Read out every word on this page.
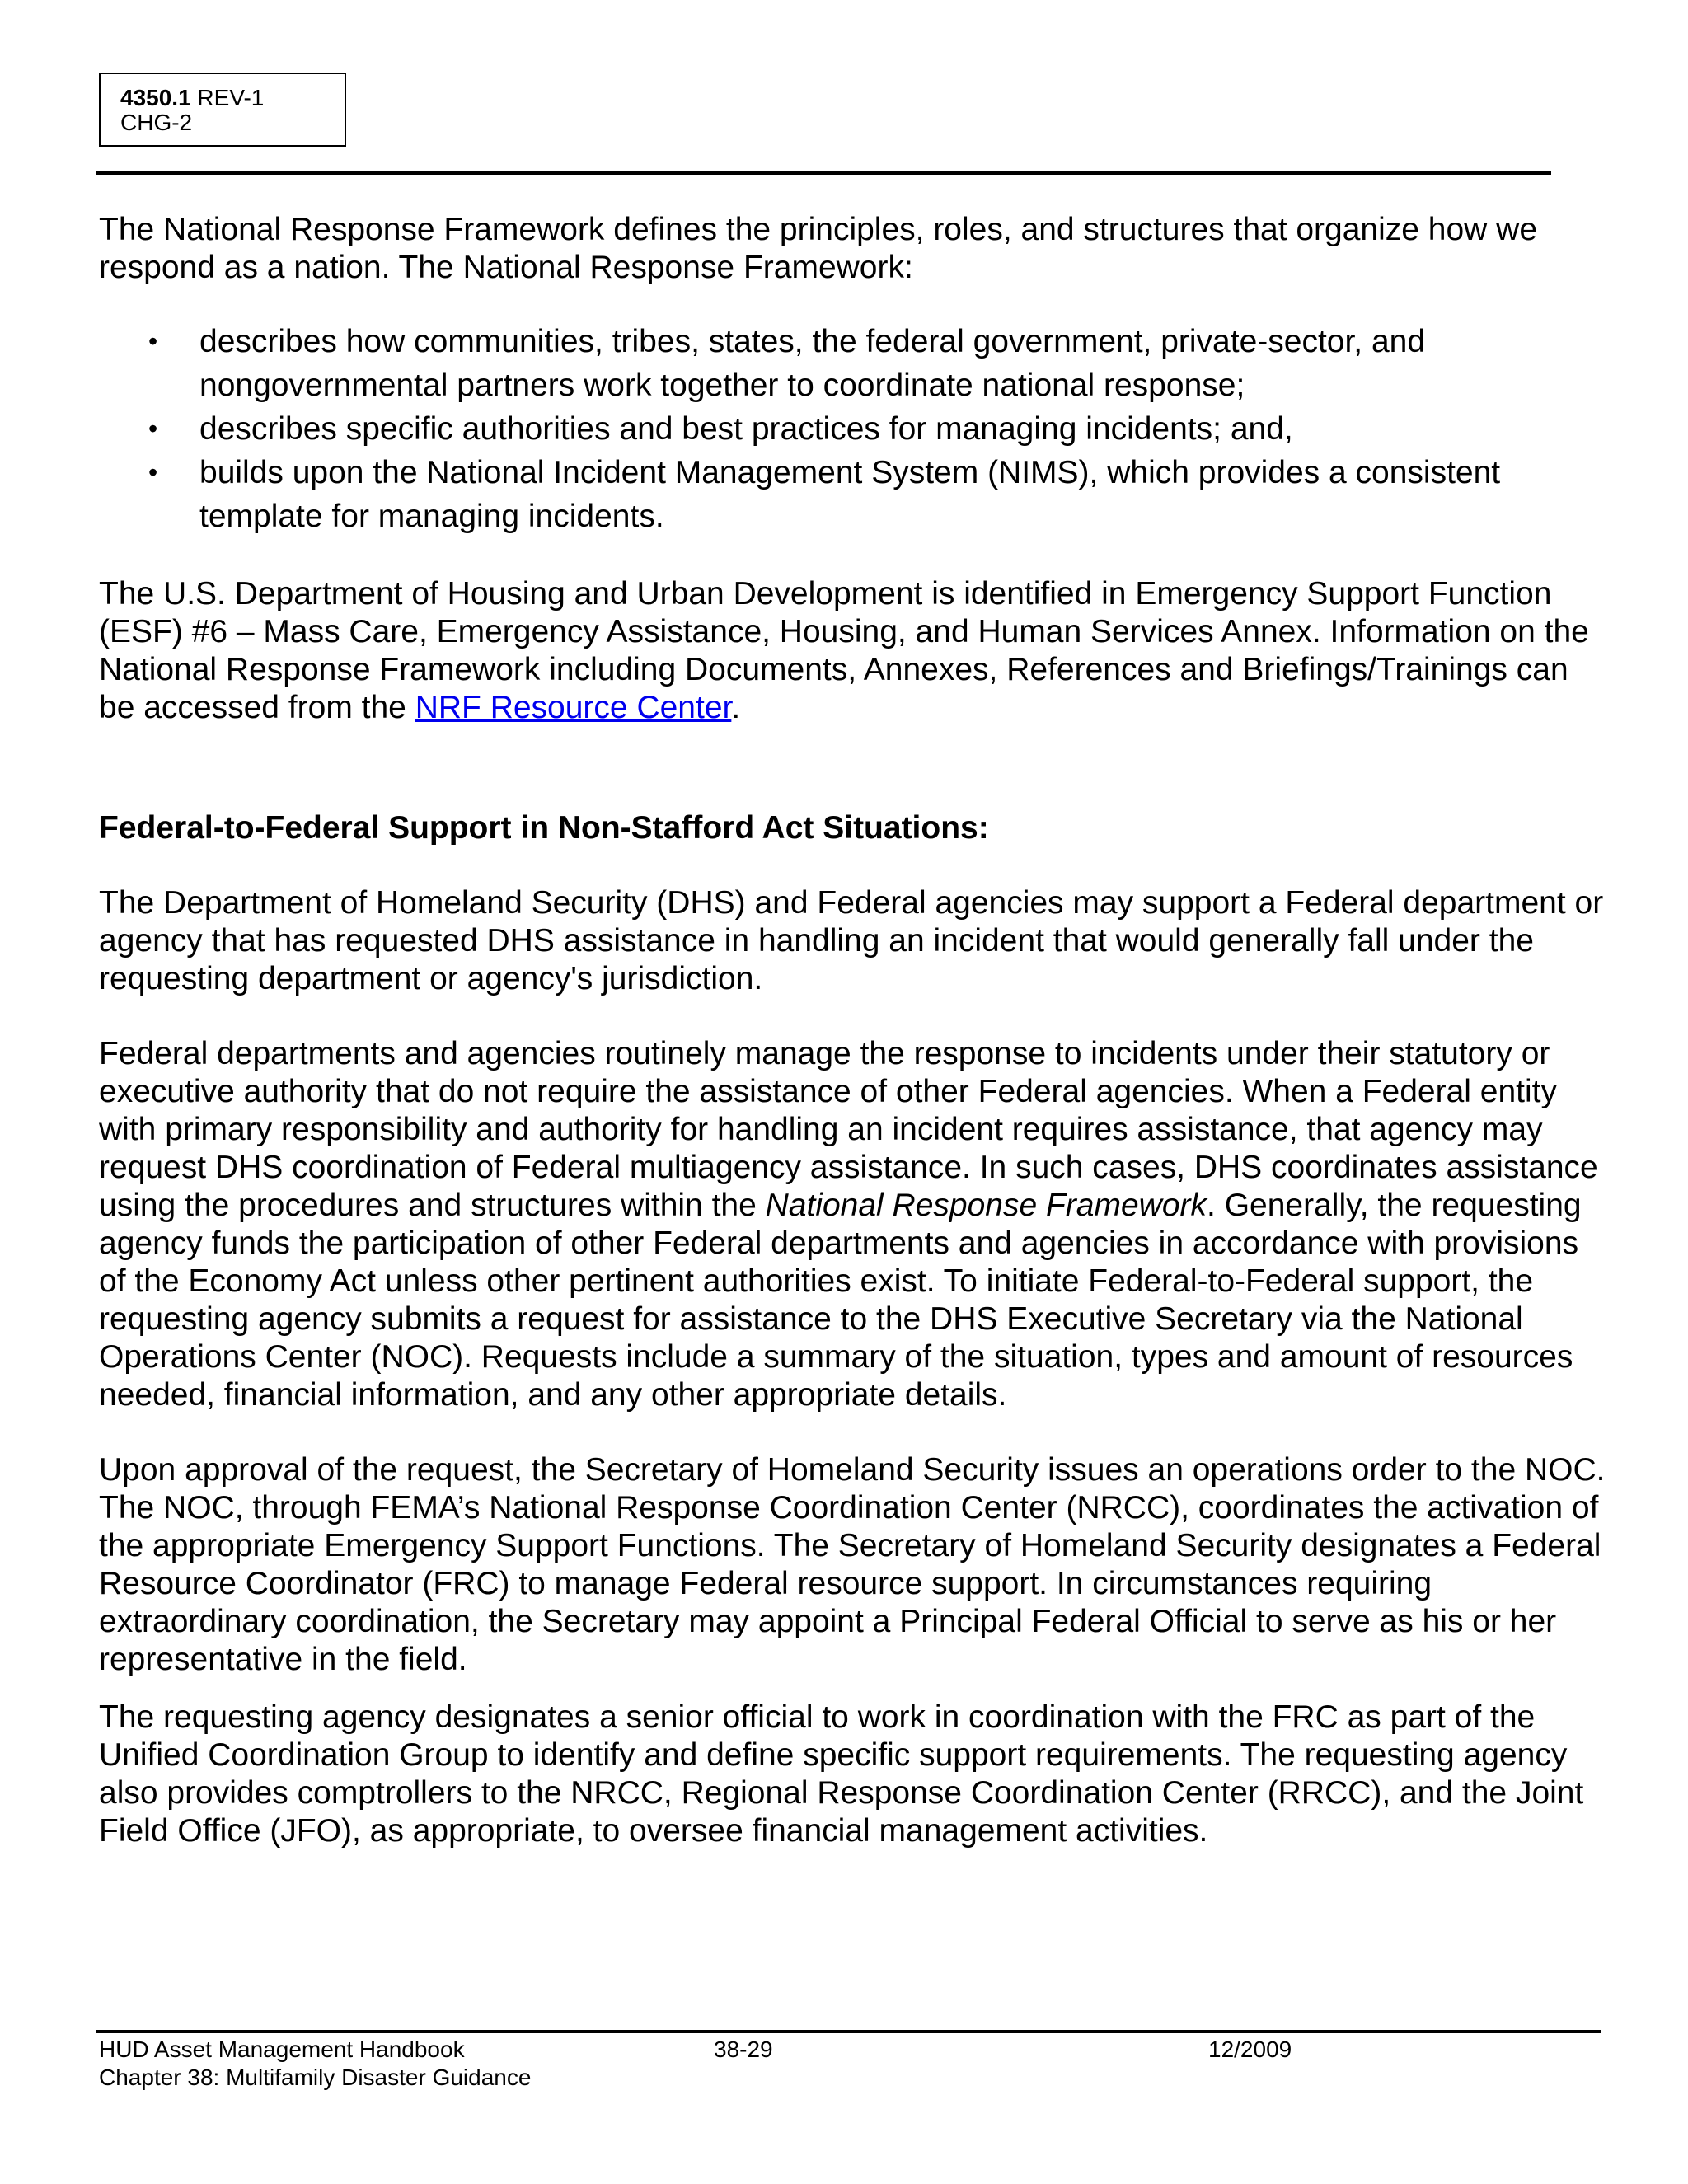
4350.1 REV-1
CHG-2

The National Response Framework defines the principles, roles, and structures that organize how we respond as a nation. The National Response Framework:

• describes how communities, tribes, states, the federal government, private-sector, and nongovernmental partners work together to coordinate national response;
• describes specific authorities and best practices for managing incidents; and,
• builds upon the National Incident Management System (NIMS), which provides a consistent template for managing incidents.

The U.S. Department of Housing and Urban Development is identified in Emergency Support Function (ESF) #6 – Mass Care, Emergency Assistance, Housing, and Human Services Annex. Information on the National Response Framework including Documents, Annexes, References and Briefings/Trainings can be accessed from the NRF Resource Center.

Federal-to-Federal Support in Non-Stafford Act Situations:

The Department of Homeland Security (DHS) and Federal agencies may support a Federal department or agency that has requested DHS assistance in handling an incident that would generally fall under the requesting department or agency's jurisdiction.

Federal departments and agencies routinely manage the response to incidents under their statutory or executive authority that do not require the assistance of other Federal agencies. When a Federal entity with primary responsibility and authority for handling an incident requires assistance, that agency may request DHS coordination of Federal multiagency assistance. In such cases, DHS coordinates assistance using the procedures and structures within the National Response Framework. Generally, the requesting agency funds the participation of other Federal departments and agencies in accordance with provisions of the Economy Act unless other pertinent authorities exist. To initiate Federal-to-Federal support, the requesting agency submits a request for assistance to the DHS Executive Secretary via the National Operations Center (NOC). Requests include a summary of the situation, types and amount of resources needed, financial information, and any other appropriate details.

Upon approval of the request, the Secretary of Homeland Security issues an operations order to the NOC. The NOC, through FEMA’s National Response Coordination Center (NRCC), coordinates the activation of the appropriate Emergency Support Functions. The Secretary of Homeland Security designates a Federal Resource Coordinator (FRC) to manage Federal resource support. In circumstances requiring extraordinary coordination, the Secretary may appoint a Principal Federal Official to serve as his or her representative in the field.

The requesting agency designates a senior official to work in coordination with the FRC as part of the Unified Coordination Group to identify and define specific support requirements. The requesting agency also provides comptrollers to the NRCC, Regional Response Coordination Center (RRCC), and the Joint Field Office (JFO), as appropriate, to oversee financial management activities.

HUD Asset Management Handbook
Chapter 38: Multifamily Disaster Guidance
38-29	12/2009
